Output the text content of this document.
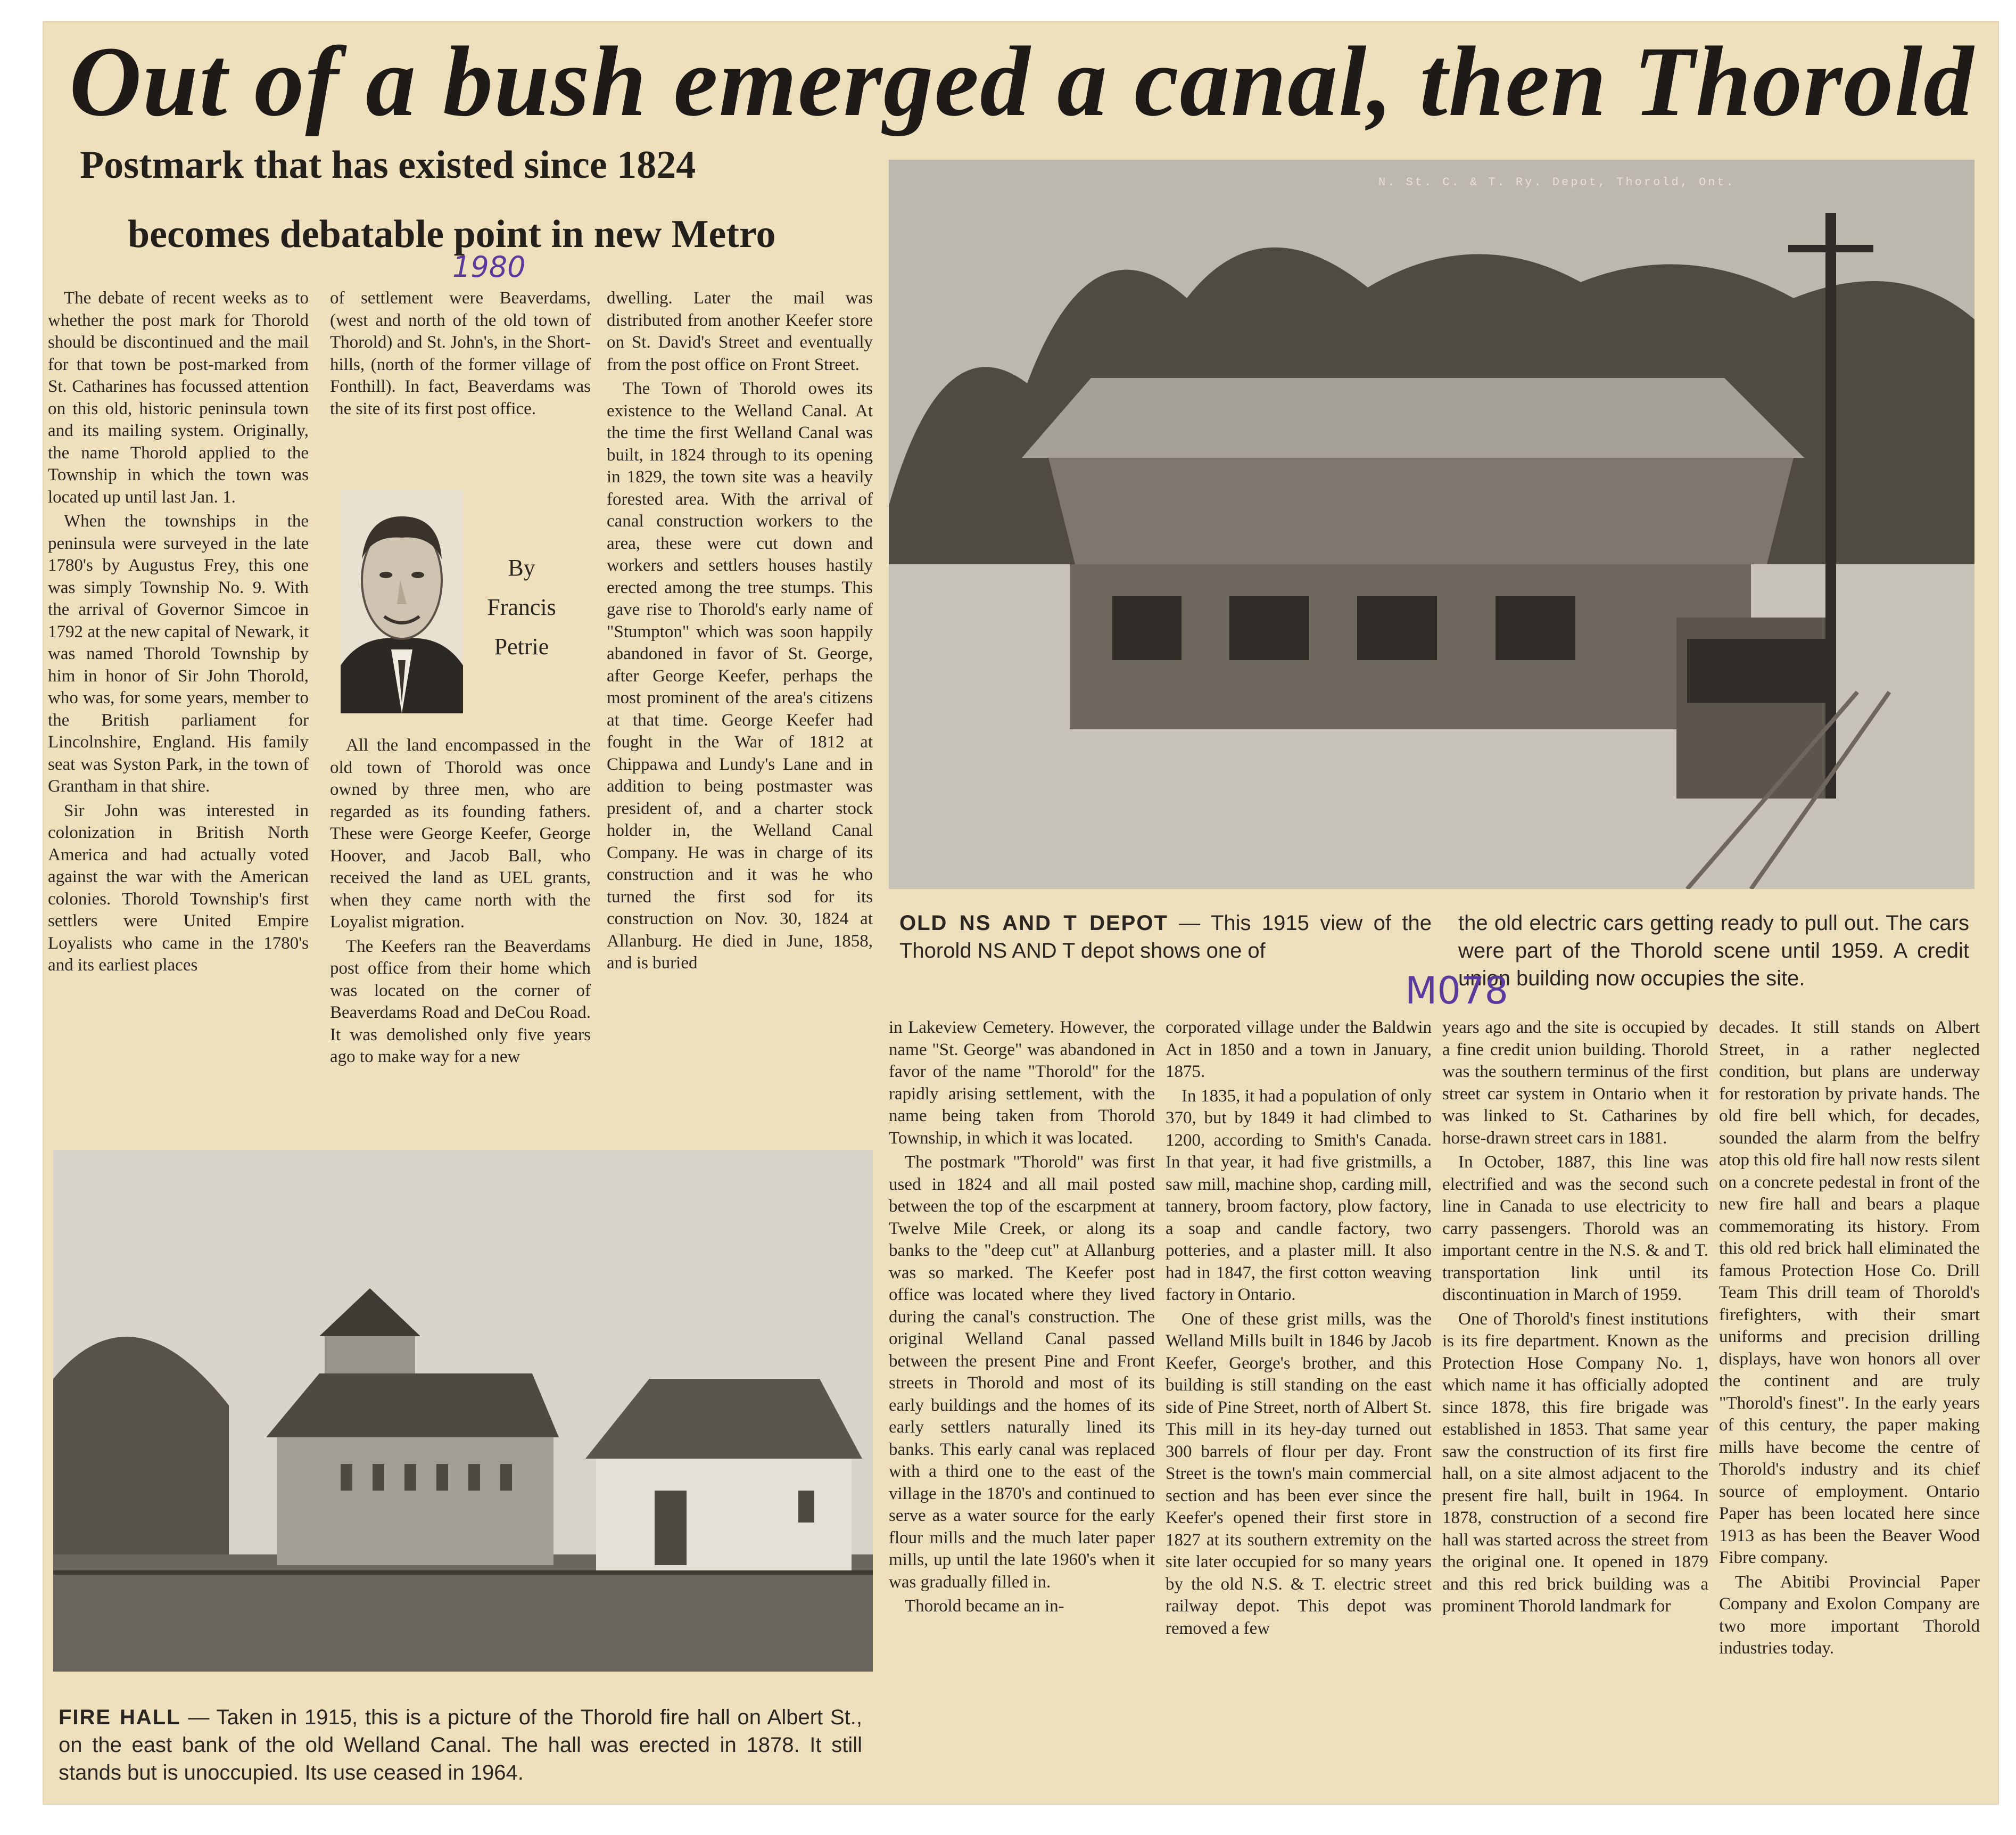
Out of a bush emerged a canal, then Thorold
Postmark that has existed since 1824
becomes debatable point in new Metro
1980

The debate of recent weeks as to whether the post mark for Thorold should be discontinued and the mail for that town be post-marked from St. Catharines has focussed attention on this old, historic peninsula town and its mailing system. Originally, the name Thorold applied to the Township in which the town was located up until last Jan. 1.

When the townships in the peninsula were surveyed in the late 1780's by Augustus Frey, this one was simply Township No. 9. With the arrival of Governor Simcoe in 1792 at the new capital of Newark, it was named Thorold Township by him in honor of Sir John Thorold, who was, for some years, member to the British parliament for Lincolnshire, England. His family seat was Syston Park, in the town of Grantham in that shire.

Sir John was interested in colonization in British North America and had actually voted against the war with the American colonies. Thorold Township's first settlers were United Empire Loyalists who came in the 1780's and its earliest places

of settlement were Beaverdams, (west and north of the old town of Thorold) and St. John's, in the Short-hills, (north of the former village of Fonthill). In fact, Beaverdams was the site of its first post office.

By
Francis
Petrie

All the land encompassed in the old town of Thorold was once owned by three men, who are regarded as its founding fathers. These were George Keefer, George Hoover, and Jacob Ball, who received the land as UEL grants, when they came north with the Loyalist migration.

The Keefers ran the Beaverdams post office from their home which was located on the corner of Beaverdams Road and DeCou Road. It was demolished only five years ago to make way for a new

dwelling. Later the mail was distributed from another Keefer store on St. David's Street and eventually from the post office on Front Street.

The Town of Thorold owes its existence to the Welland Canal. At the time the first Welland Canal was built, in 1824 through to its opening in 1829, the town site was a heavily forested area. With the arrival of canal construction workers to the area, these were cut down and workers and settlers houses hastily erected among the tree stumps. This gave rise to Thorold's early name of "Stumpton" which was soon happily abandoned in favor of St. George, after George Keefer, perhaps the most prominent of the area's citizens at that time. George Keefer had fought in the War of 1812 at Chippawa and Lundy's Lane and in addition to being postmaster was president of, and a charter stock holder in, the Welland Canal Company. He was in charge of its construction and it was he who turned the first sod for its construction on Nov. 30, 1824 at Allanburg. He died in June, 1858, and is buried

N. St. C. & T. Ry. Depot, Thorold, Ont.
OLD NS AND T DEPOT — This 1915 view of the Thorold NS AND T depot shows one of
the old electric cars getting ready to pull out. The cars were part of the Thorold scene until 1959. A credit union building now occupies the site.
M078
FIRE HALL — Taken in 1915, this is a picture of the Thorold fire hall on Albert St., on the east bank of the old Welland Canal. The hall was erected in 1878. It still stands but is unoccupied. Its use ceased in 1964.

in Lakeview Cemetery. However, the name "St. George" was abandoned in favor of the name "Thorold" for the rapidly arising settlement, with the name being taken from Thorold Township, in which it was located.

The postmark "Thorold" was first used in 1824 and all mail posted between the top of the escarpment at Twelve Mile Creek, or along its banks to the "deep cut" at Allanburg was so marked. The Keefer post office was located where they lived during the canal's construction. The original Welland Canal passed between the present Pine and Front streets in Thorold and most of its early buildings and the homes of its early settlers naturally lined its banks. This early canal was replaced with a third one to the east of the village in the 1870's and continued to serve as a water source for the early flour mills and the much later paper mills, up until the late 1960's when it was gradually filled in.

Thorold became an in-

corporated village under the Baldwin Act in 1850 and a town in January, 1875.

In 1835, it had a population of only 370, but by 1849 it had climbed to 1200, according to Smith's Canada. In that year, it had five gristmills, a saw mill, machine shop, carding mill, tannery, broom factory, plow factory, a soap and candle factory, two potteries, and a plaster mill. It also had in 1847, the first cotton weaving factory in Ontario.

One of these grist mills, was the Welland Mills built in 1846 by Jacob Keefer, George's brother, and this building is still standing on the east side of Pine Street, north of Albert St. This mill in its hey-day turned out 300 barrels of flour per day. Front Street is the town's main commercial section and has been ever since the Keefer's opened their first store in 1827 at its southern extremity on the site later occupied for so many years by the old N.S. & T. electric street railway depot. This depot was removed a few

years ago and the site is occupied by a fine credit union building. Thorold was the southern terminus of the first street car system in Ontario when it was linked to St. Catharines by horse-drawn street cars in 1881.

In October, 1887, this line was electrified and was the second such line in Canada to use electricity to carry passengers. Thorold was an important centre in the N.S. & and T. transportation link until its discontinuation in March of 1959.

One of Thorold's finest institutions is its fire department. Known as the Protection Hose Company No. 1, which name it has officially adopted since 1878, this fire brigade was established in 1853. That same year saw the construction of its first fire hall, on a site almost adjacent to the present fire hall, built in 1964. In 1878, construction of a second fire hall was started across the street from the original one. It opened in 1879 and this red brick building was a prominent Thorold landmark for

decades. It still stands on Albert Street, in a rather neglected condition, but plans are underway for restoration by private hands. The old fire bell which, for decades, sounded the alarm from the belfry atop this old fire hall now rests silent on a concrete pedestal in front of the new fire hall and bears a plaque commemorating its history. From this old red brick hall eliminated the famous Protection Hose Co. Drill Team This drill team of Thorold's firefighters, with their smart uniforms and precision drilling displays, have won honors all over the continent and are truly "Thorold's finest". In the early years of this century, the paper making mills have become the centre of Thorold's industry and its chief source of employment. Ontario Paper has been located here since 1913 as has been the Beaver Wood Fibre company.

The Abitibi Provincial Paper Company and Exolon Company are two more important Thorold industries today.
